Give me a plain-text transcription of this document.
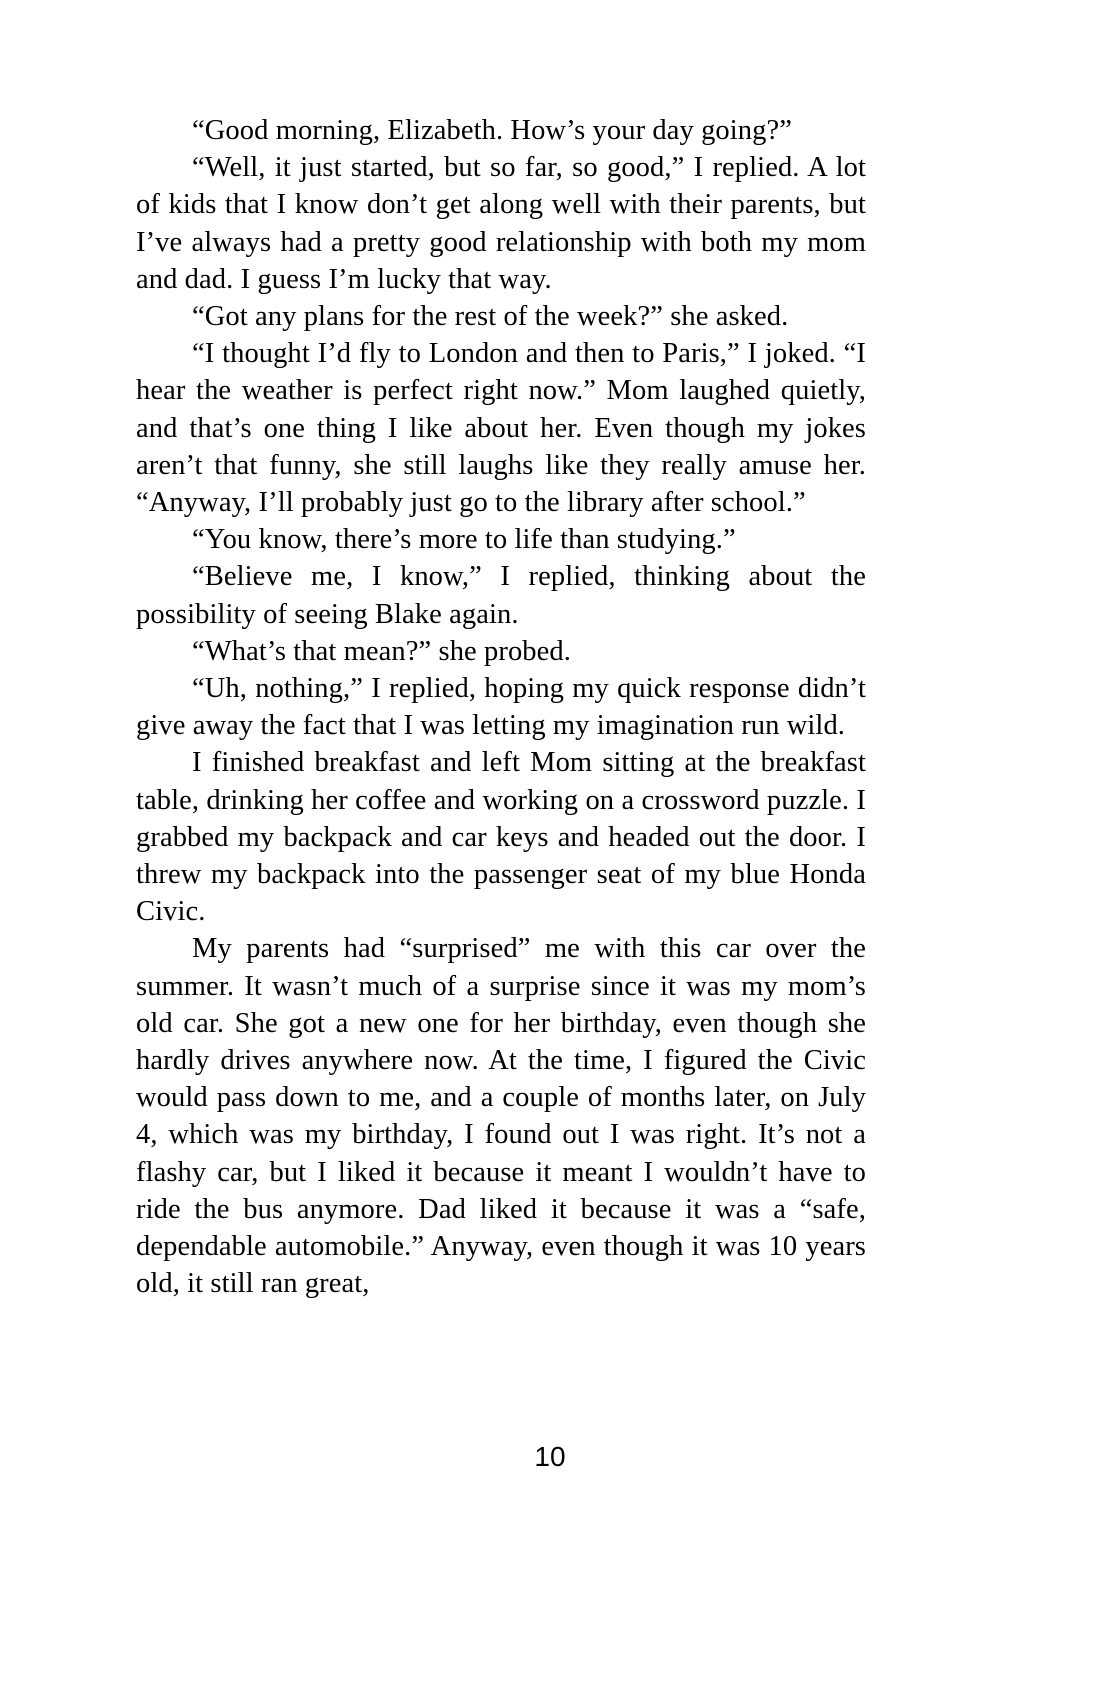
“Good morning, Elizabeth. How’s your day going?”

“Well, it just started, but so far, so good,” I replied. A lot of kids that I know don’t get along well with their parents, but I’ve always had a pretty good relationship with both my mom and dad. I guess I’m lucky that way.

“Got any plans for the rest of the week?” she asked.

“I thought I’d fly to London and then to Paris,” I joked. “I hear the weather is perfect right now.” Mom laughed quietly, and that’s one thing I like about her. Even though my jokes aren’t that funny, she still laughs like they really amuse her. “Anyway, I’ll probably just go to the library after school.”

“You know, there’s more to life than studying.”

“Believe me, I know,” I replied, thinking about the possibility of seeing Blake again.

“What’s that mean?” she probed.

“Uh, nothing,” I replied, hoping my quick response didn’t give away the fact that I was letting my imagination run wild.

I finished breakfast and left Mom sitting at the breakfast table, drinking her coffee and working on a crossword puzzle. I grabbed my backpack and car keys and headed out the door. I threw my backpack into the passenger seat of my blue Honda Civic.

My parents had “surprised” me with this car over the summer. It wasn’t much of a surprise since it was my mom’s old car. She got a new one for her birthday, even though she hardly drives anywhere now. At the time, I figured the Civic would pass down to me, and a couple of months later, on July 4, which was my birthday, I found out I was right. It’s not a flashy car, but I liked it because it meant I wouldn’t have to ride the bus anymore. Dad liked it because it was a “safe, dependable automobile.” Anyway, even though it was 10 years old, it still ran great,

10
